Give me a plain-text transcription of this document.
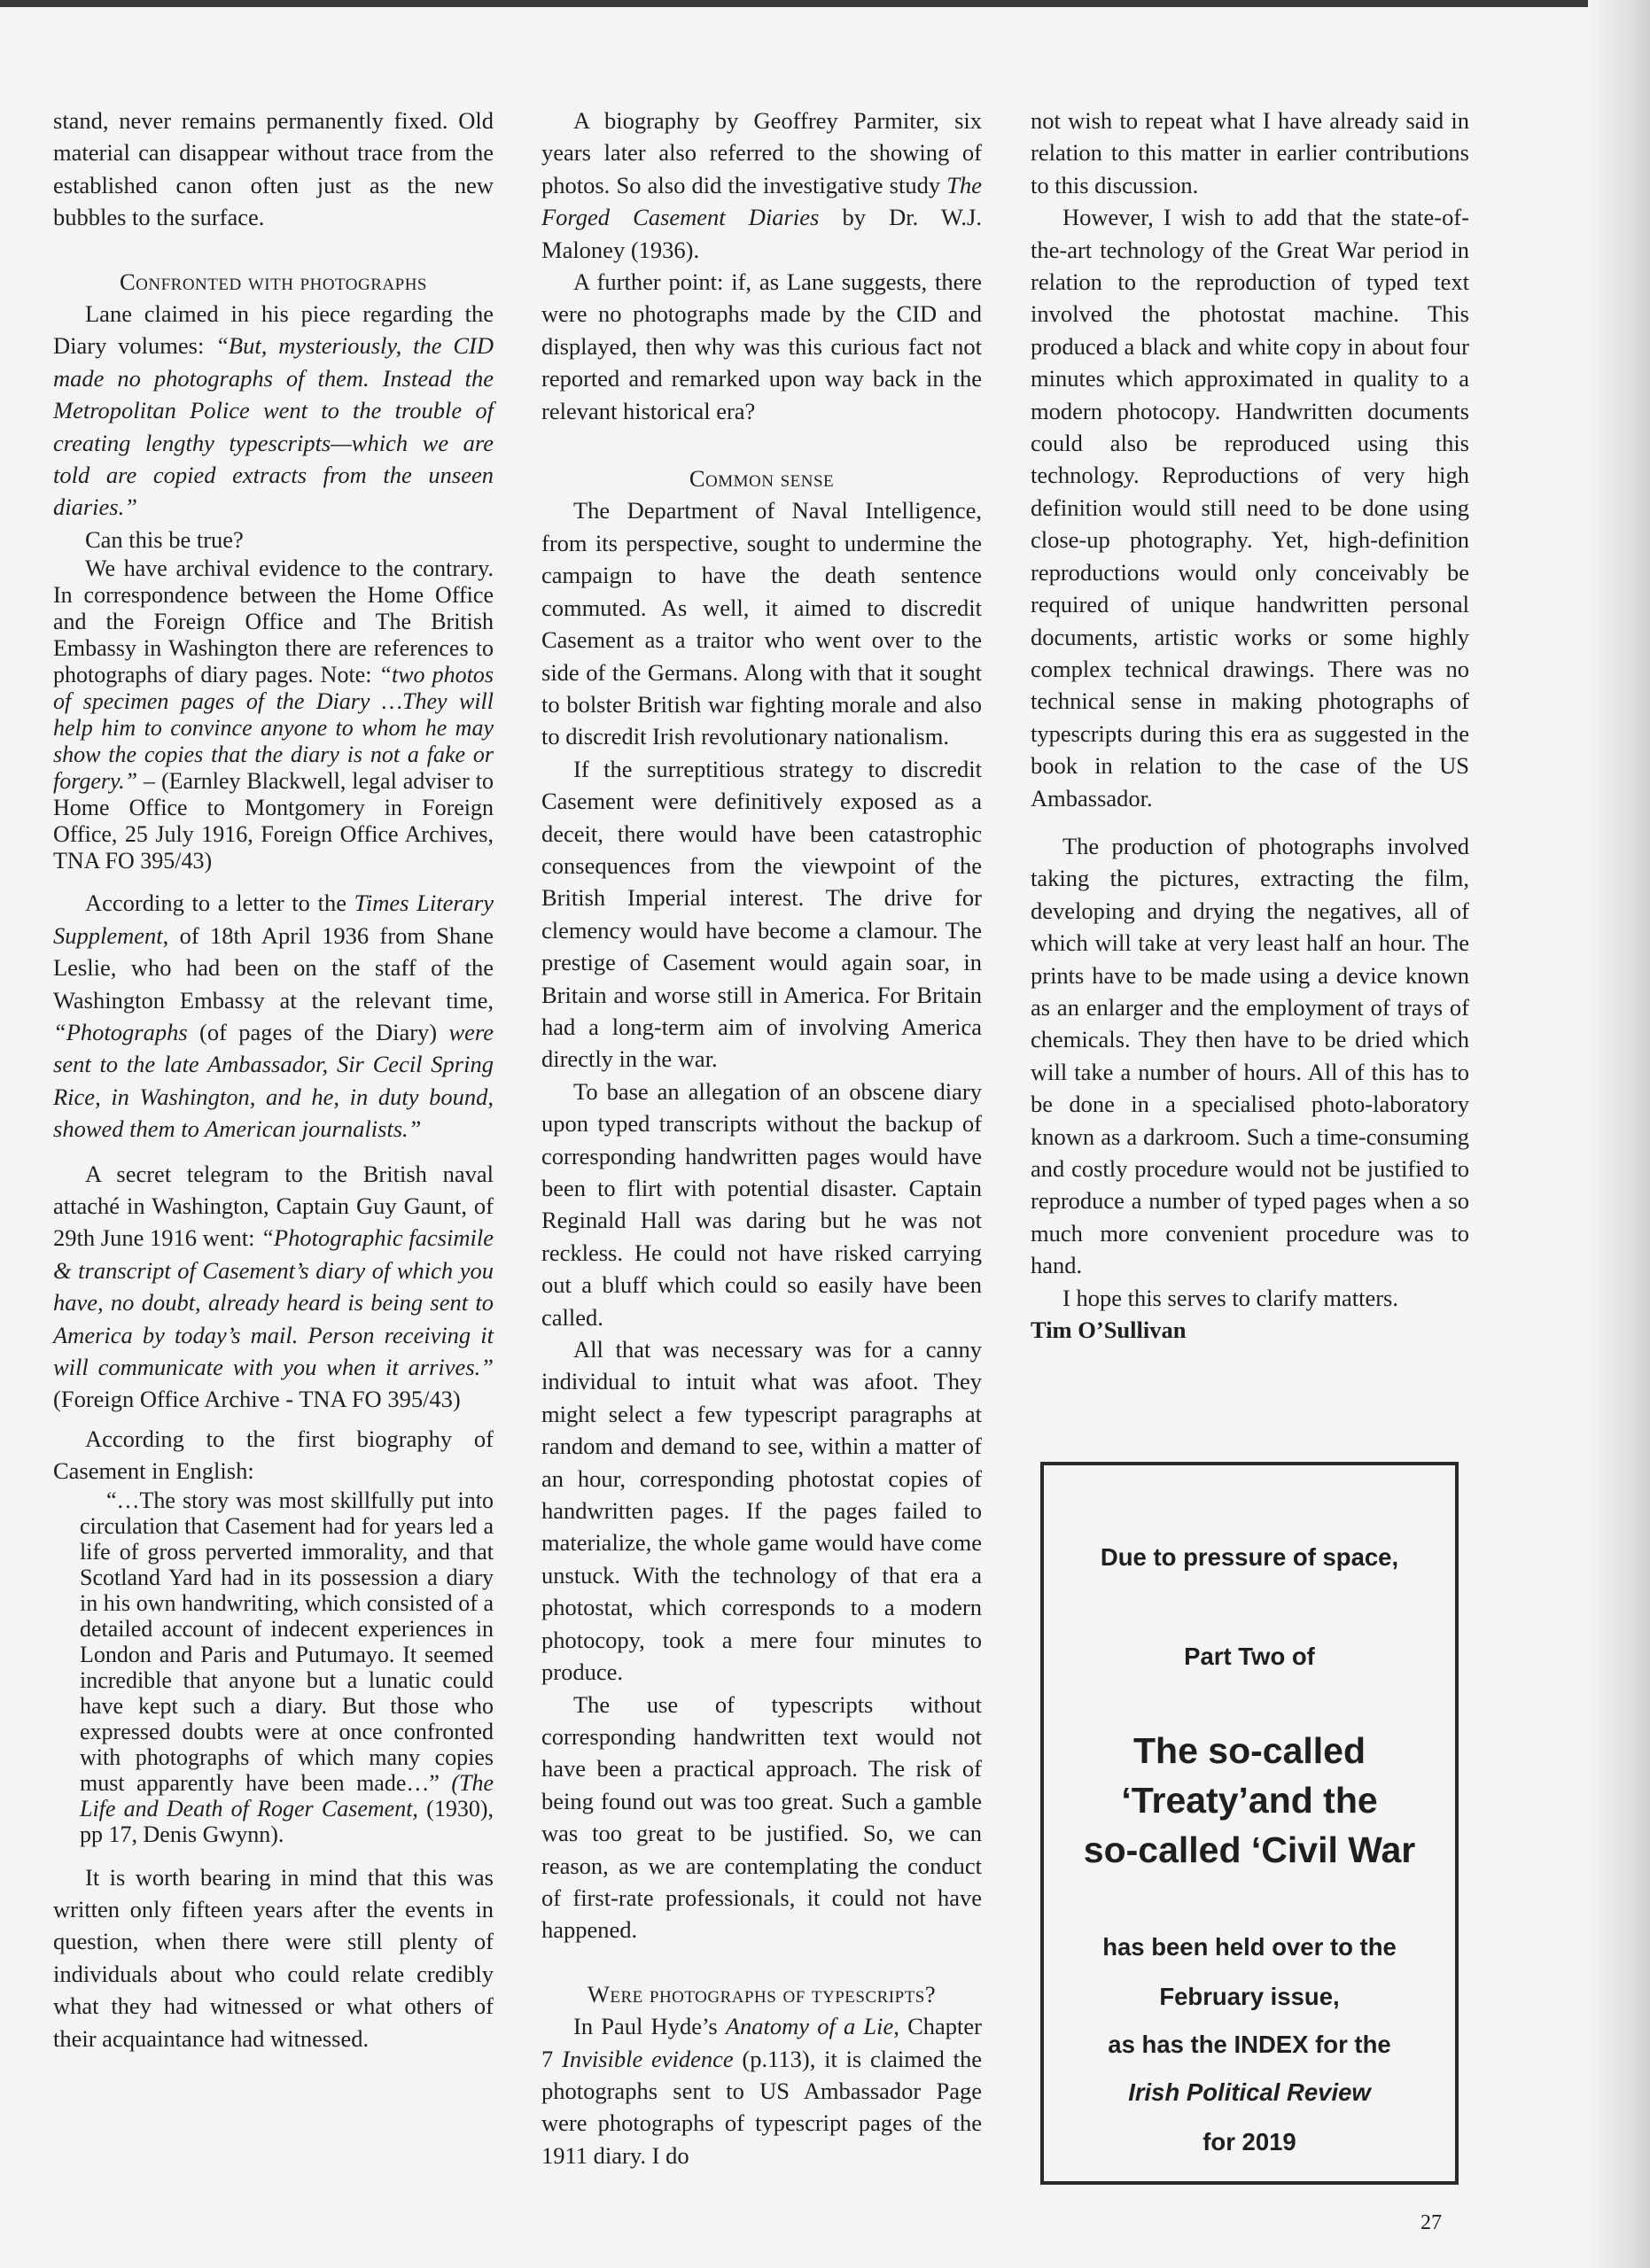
stand, never remains permanently fixed. Old material can disappear without trace from the established canon often just as the new bubbles to the surface.

Confronted with photographs

Lane claimed in his piece regarding the Diary volumes: “But, mysteriously, the CID made no photographs of them. Instead the Metropolitan Police went to the trouble of creating lengthy typescripts—which we are told are copied extracts from the unseen diaries.”

Can this be true?

We have archival evidence to the contrary. In correspondence between the Home Office and the Foreign Office and The British Embassy in Washington there are references to photographs of diary pages. Note: “two photos of specimen pages of the Diary …They will help him to convince anyone to whom he may show the copies that the diary is not a fake or forgery.” – (Earnley Blackwell, legal adviser to Home Office to Montgomery in Foreign Office, 25 July 1916, Foreign Office Archives, TNA FO 395/43)

According to a letter to the Times Literary Supplement, of 18th April 1936 from Shane Leslie, who had been on the staff of the Washington Embassy at the relevant time, “Photographs (of pages of the Diary) were sent to the late Ambassador, Sir Cecil Spring Rice, in Washington, and he, in duty bound, showed them to American journalists.”

A secret telegram to the British naval attaché in Washington, Captain Guy Gaunt, of 29th June 1916 went: “Photographic facsimile & transcript of Casement’s diary of which you have, no doubt, already heard is being sent to America by today’s mail. Person receiving it will communicate with you when it arrives.” (Foreign Office Archive - TNA FO 395/43)

According to the first biography of Casement in English:

“…The story was most skillfully put into circulation that Casement had for years led a life of gross perverted immorality, and that Scotland Yard had in its possession a diary in his own handwriting, which consisted of a detailed account of indecent experiences in London and Paris and Putumayo. It seemed incredible that anyone but a lunatic could have kept such a diary. But those who expressed doubts were at once confronted with photographs of which many copies must apparently have been made…” (The Life and Death of Roger Casement, (1930), pp 17, Denis Gwynn).

It is worth bearing in mind that this was written only fifteen years after the events in question, when there were still plenty of individuals about who could relate credibly what they had witnessed or what others of their acquaintance had witnessed.

A biography by Geoffrey Parmiter, six years later also referred to the showing of photos. So also did the investigative study The Forged Casement Diaries by Dr. W.J. Maloney (1936).

A further point: if, as Lane suggests, there were no photographs made by the CID and displayed, then why was this curious fact not reported and remarked upon way back in the relevant historical era?

Common sense

The Department of Naval Intelligence, from its perspective, sought to undermine the campaign to have the death sentence commuted. As well, it aimed to discredit Casement as a traitor who went over to the side of the Germans. Along with that it sought to bolster British war fighting morale and also to discredit Irish revolutionary nationalism.

If the surreptitious strategy to discredit Casement were definitively exposed as a deceit, there would have been catastrophic consequences from the viewpoint of the British Imperial interest. The drive for clemency would have become a clamour. The prestige of Casement would again soar, in Britain and worse still in America. For Britain had a long-term aim of involving America directly in the war.

To base an allegation of an obscene diary upon typed transcripts without the backup of corresponding handwritten pages would have been to flirt with potential disaster. Captain Reginald Hall was daring but he was not reckless. He could not have risked carrying out a bluff which could so easily have been called.

All that was necessary was for a canny individual to intuit what was afoot. They might select a few typescript paragraphs at random and demand to see, within a matter of an hour, corresponding photostat copies of handwritten pages. If the pages failed to materialize, the whole game would have come unstuck. With the technology of that era a photostat, which corresponds to a modern photocopy, took a mere four minutes to produce.

The use of typescripts without corresponding handwritten text would not have been a practical approach. The risk of being found out was too great. Such a gamble was too great to be justified. So, we can reason, as we are contemplating the conduct of first-rate professionals, it could not have happened.

Were photographs of typescripts?

In Paul Hyde’s Anatomy of a Lie, Chapter 7 Invisible evidence (p.113), it is claimed the photographs sent to US Ambassador Page were photographs of typescript pages of the 1911 diary. I do

not wish to repeat what I have already said in relation to this matter in earlier contributions to this discussion.

However, I wish to add that the state-of-the-art technology of the Great War period in relation to the reproduction of typed text involved the photostat machine. This produced a black and white copy in about four minutes which approximated in quality to a modern photocopy. Handwritten documents could also be reproduced using this technology. Reproductions of very high definition would still need to be done using close-up photography. Yet, high-definition reproductions would only conceivably be required of unique handwritten personal documents, artistic works or some highly complex technical drawings. There was no technical sense in making photographs of typescripts during this era as suggested in the book in relation to the case of the US Ambassador.

The production of photographs involved taking the pictures, extracting the film, developing and drying the negatives, all of which will take at very least half an hour. The prints have to be made using a device known as an enlarger and the employment of trays of chemicals. They then have to be dried which will take a number of hours. All of this has to be done in a specialised photo-laboratory known as a darkroom. Such a time-consuming and costly procedure would not be justified to reproduce a number of typed pages when a so much more convenient procedure was to hand.

I hope this serves to clarify matters.

Tim O’Sullivan

Due to pressure of space,
Part Two of
The so-called
‘Treaty’and the
so-called ‘Civil War
has been held over to the
February issue,
as has the INDEX for the
Irish Political Review
for 2019
27
